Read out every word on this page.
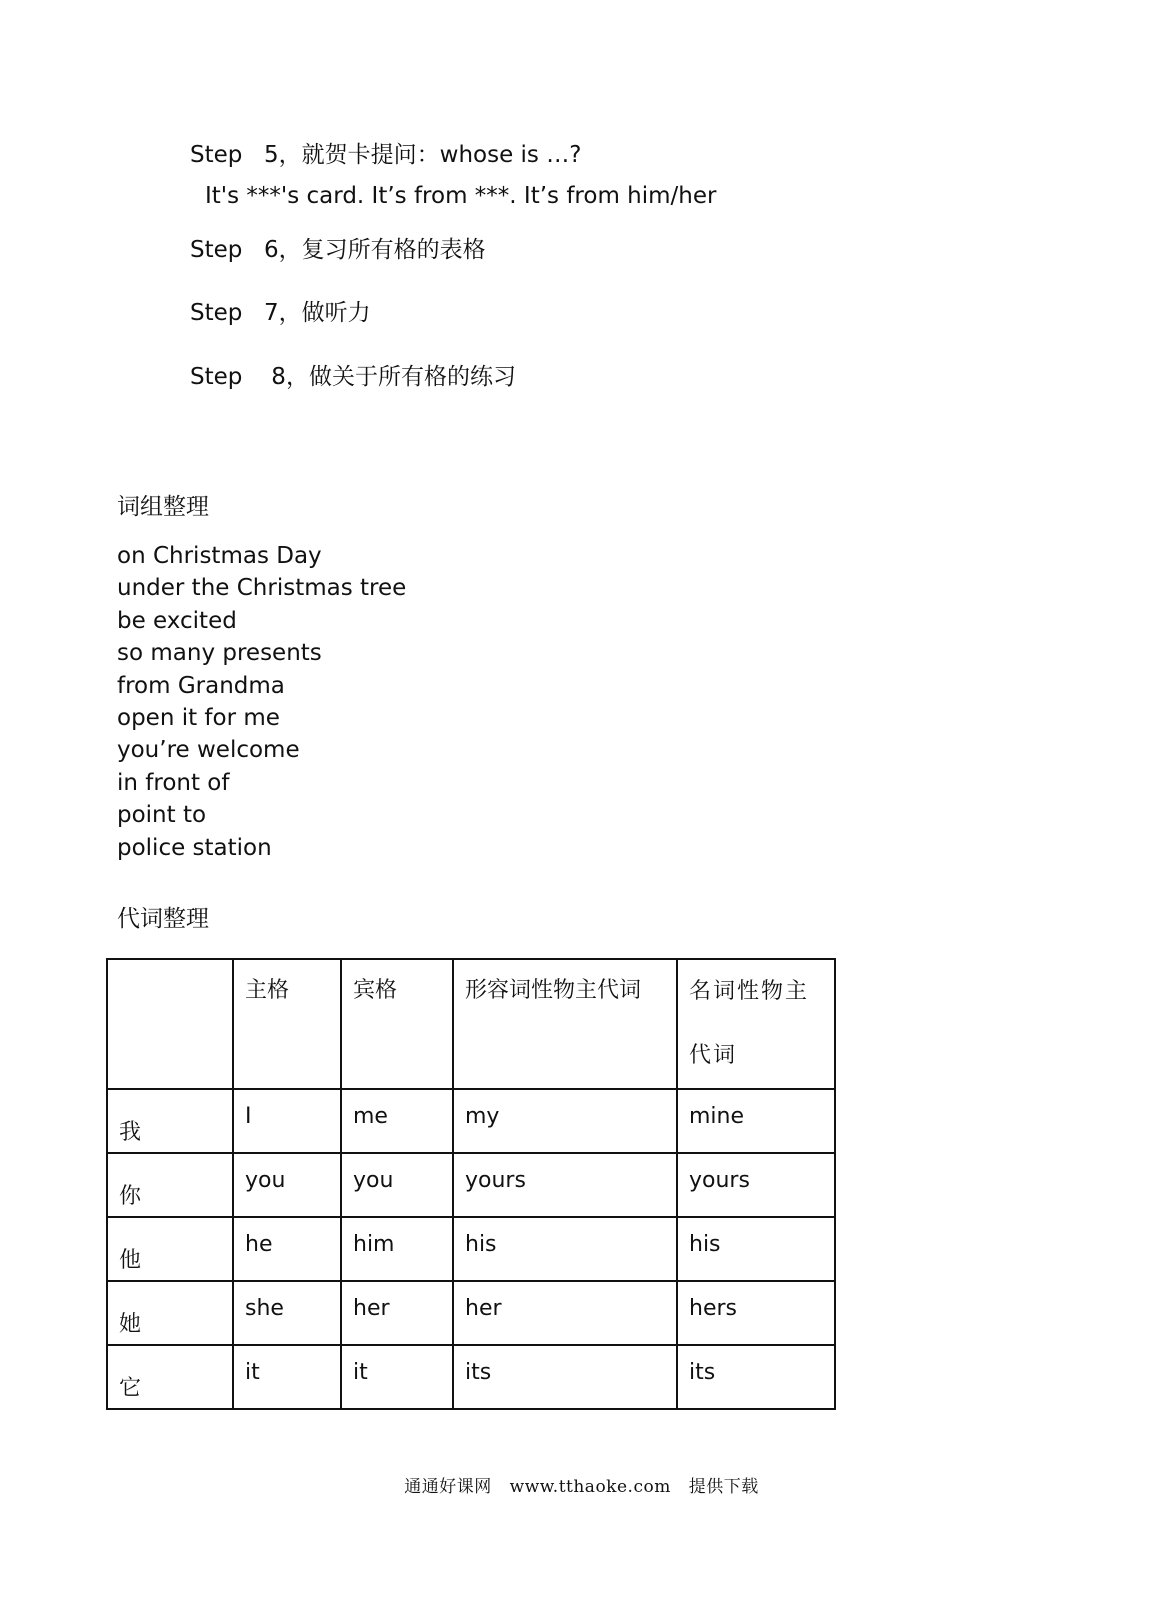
Step 5，就贺卡提问：whose is …?
It's ***'s card. It’s from ***. It’s from him/her
Step 6，复习所有格的表格
Step 7，做听力
Step 8，做关于所有格的练习
词组整理
on Christmas Day
under the Christmas tree
be excited
so many presents
from Grandma
open it for me
you’re welcome
in front of
point to
police station
代词整理

	主格	宾格	形容词性物主代词	名词性物主代词

我	I	me	my	mine
你	you	you	yours	yours
他	he	him	his	his
她	she	her	her	hers
它	it	it	its	its
通通好课网 www.tthaoke.com 提供下载
